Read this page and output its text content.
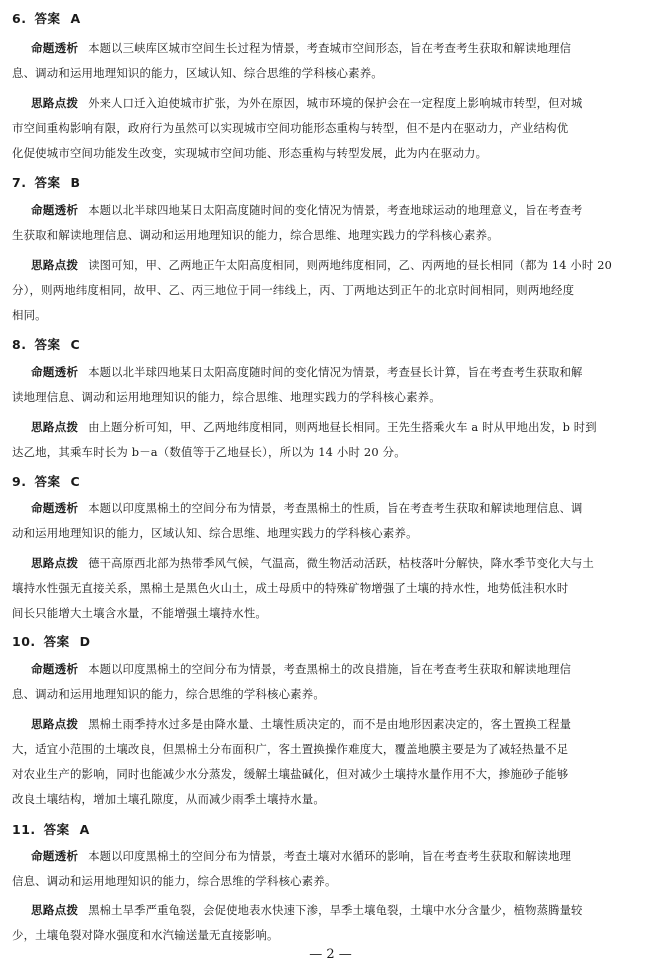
6. 答案 A
命题透析 本题以三峡库区城市空间生长过程为情景，考查城市空间形态，旨在考查考生获取和解读地理信
息、调动和运用地理知识的能力，区域认知、综合思维的学科核心素养。
思路点拨 外来人口迁入迫使城市扩张，为外在原因，城市环境的保护会在一定程度上影响城市转型，但对城
市空间重构影响有限，政府行为虽然可以实现城市空间功能形态重构与转型，但不是内在驱动力，产业结构优
化促使城市空间功能发生改变，实现城市空间功能、形态重构与转型发展，此为内在驱动力。
7. 答案 B
命题透析 本题以北半球四地某日太阳高度随时间的变化情况为情景，考查地球运动的地理意义，旨在考查考
生获取和解读地理信息、调动和运用地理知识的能力，综合思维、地理实践力的学科核心素养。
思路点拨 读图可知，甲、乙两地正午太阳高度相同，则两地纬度相同，乙、丙两地的昼长相同（都为 14 小时 20
分），则两地纬度相同，故甲、乙、丙三地位于同一纬线上，丙、丁两地达到正午的北京时间相同，则两地经度
相同。
8. 答案 C
命题透析 本题以北半球四地某日太阳高度随时间的变化情况为情景，考查昼长计算，旨在考查考生获取和解
读地理信息、调动和运用地理知识的能力，综合思维、地理实践力的学科核心素养。
思路点拨 由上题分析可知，甲、乙两地纬度相同，则两地昼长相同。王先生搭乘火车 a 时从甲地出发，b 时到
达乙地，其乘车时长为 b－a（数值等于乙地昼长），所以为 14 小时 20 分。
9. 答案 C
命题透析 本题以印度黑棉土的空间分布为情景，考查黑棉土的性质，旨在考查考生获取和解读地理信息、调
动和运用地理知识的能力，区域认知、综合思维、地理实践力的学科核心素养。
思路点拨 德干高原西北部为热带季风气候，气温高，微生物活动活跃，枯枝落叶分解快，降水季节变化大与土
壤持水性强无直接关系，黑棉土是黑色火山土，成土母质中的特殊矿物增强了土壤的持水性，地势低洼积水时
间长只能增大土壤含水量，不能增强土壤持水性。
10. 答案 D
命题透析 本题以印度黑棉土的空间分布为情景，考查黑棉土的改良措施，旨在考查考生获取和解读地理信
息、调动和运用地理知识的能力，综合思维的学科核心素养。
思路点拨 黑棉土雨季持水过多是由降水量、土壤性质决定的，而不是由地形因素决定的，客土置换工程量
大，适宜小范围的土壤改良，但黑棉土分布面积广，客土置换操作难度大，覆盖地膜主要是为了减轻热量不足
对农业生产的影响，同时也能减少水分蒸发，缓解土壤盐碱化，但对减少土壤持水量作用不大，掺施砂子能够
改良土壤结构，增加土壤孔隙度，从而减少雨季土壤持水量。
11. 答案 A
命题透析 本题以印度黑棉土的空间分布为情景，考查土壤对水循环的影响，旨在考查考生获取和解读地理
信息、调动和运用地理知识的能力，综合思维的学科核心素养。
思路点拨 黑棉土旱季严重龟裂，会促使地表水快速下渗，旱季土壤龟裂，土壤中水分含量少，植物蒸腾量较
少，土壤龟裂对降水强度和水汽输送量无直接影响。
— 2 —
